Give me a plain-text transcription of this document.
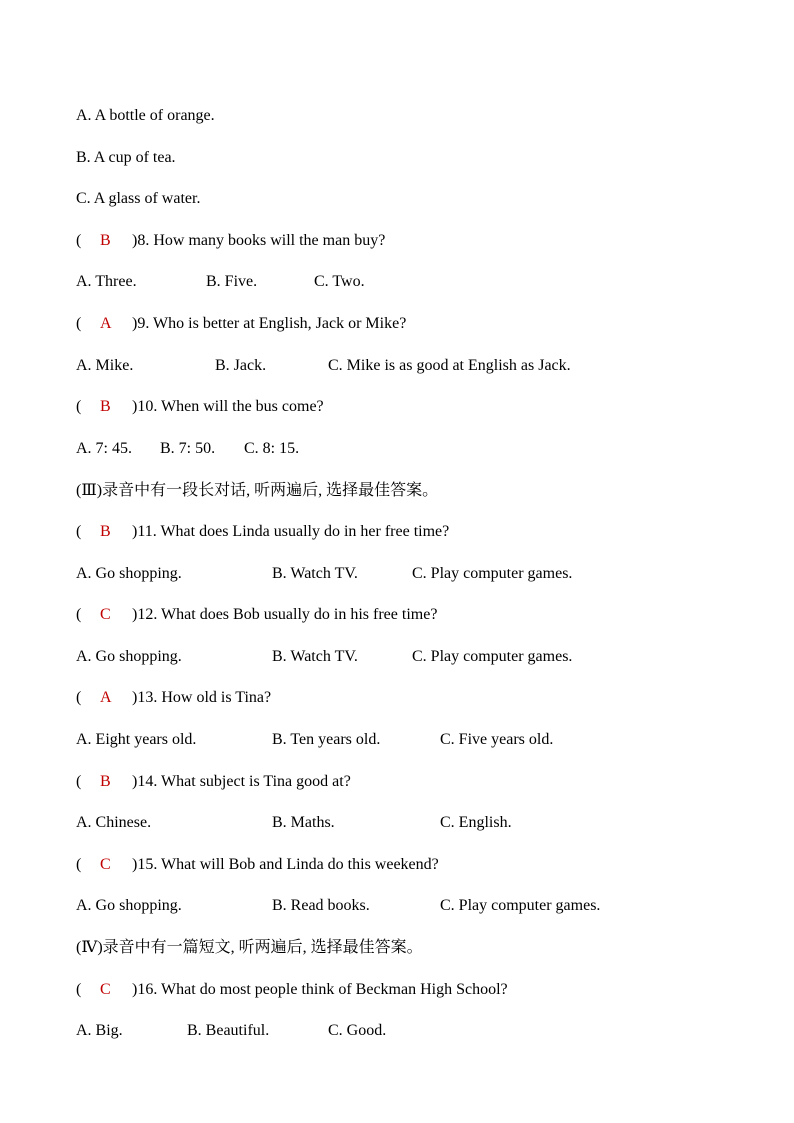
A. A bottle of orange.
B. A cup of tea.
C. A glass of water.
( B )8. How many books will the man buy?
A. Three.	B. Five.	C. Two.
( A )9. Who is better at English, Jack or Mike?
A. Mike.	B. Jack.	C. Mike is as good at English as Jack.
( B )10. When will the bus come?
A. 7: 45. B. 7: 50. C. 8: 15.
(Ⅲ)录音中有一段长对话, 听两遍后, 选择最佳答案。
( B )11. What does Linda usually do in her free time?
A. Go shopping.	B. Watch TV.	C. Play computer games.
( C )12. What does Bob usually do in his free time?
A. Go shopping.	B. Watch TV.	C. Play computer games.
( A )13. How old is Tina?
A. Eight years old.	B. Ten years old.	C. Five years old.
( B )14. What subject is Tina good at?
A. Chinese.	B. Maths.	C. English.
( C )15. What will Bob and Linda do this weekend?
A. Go shopping.	B. Read books.	C. Play computer games.
(Ⅳ)录音中有一篇短文, 听两遍后, 选择最佳答案。
( C )16. What do most people think of Beckman High School?
A. Big.	B. Beautiful.	C. Good.
